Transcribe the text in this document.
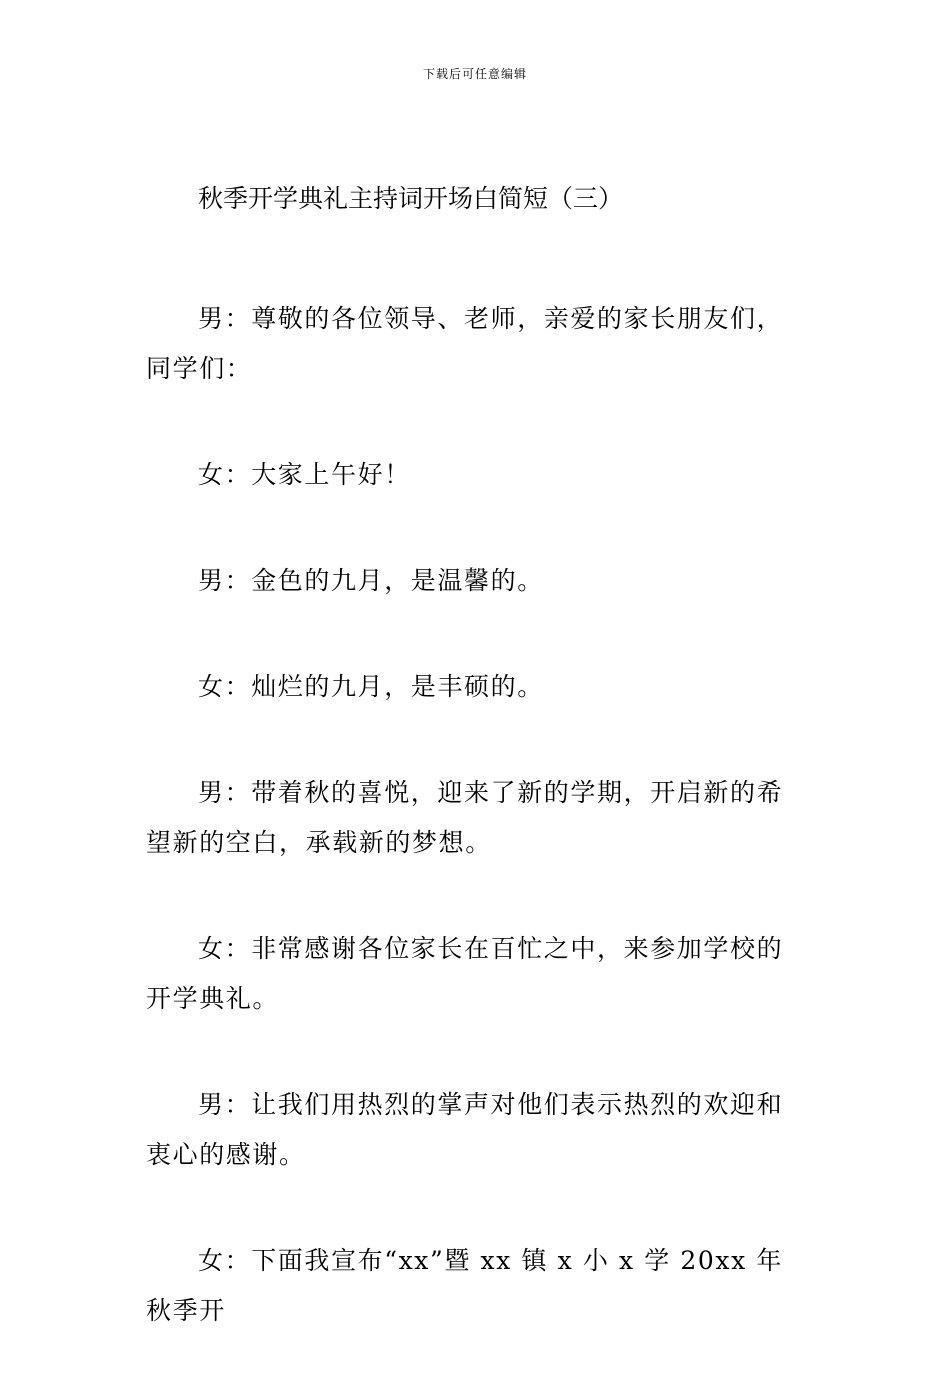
下载后可任意编辑
秋季开学典礼主持词开场白简短（三）

男：尊敬的各位领导、老师，亲爱的家长朋友们，同学们：

女：大家上午好！

男：金色的九月，是温馨的。

女：灿烂的九月，是丰硕的。

男：带着秋的喜悦，迎来了新的学期，开启新的希望新的空白，承载新的梦想。

女：非常感谢各位家长在百忙之中，来参加学校的开学典礼。

男：让我们用热烈的掌声对他们表示热烈的欢迎和衷心的感谢。

女：下面我宣布“xx”暨 xx 镇 x 小 x 学 20xx 年秋季开
